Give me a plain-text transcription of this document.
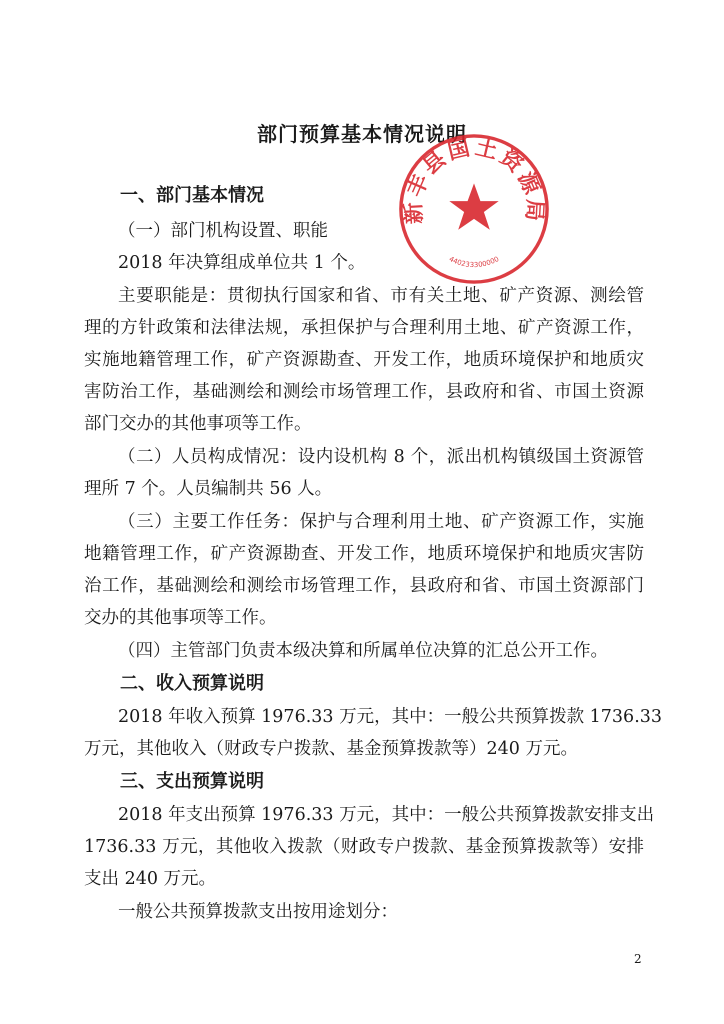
部门预算基本情况说明
新丰县国土资源局
440233300000
一、部门基本情况
（一）部门机构设置、职能
2018 年决算组成单位共 1 个。
主要职能是：贯彻执行国家和省、市有关土地、矿产资源、测绘管
理的方针政策和法律法规，承担保护与合理利用土地、矿产资源工作，
实施地籍管理工作，矿产资源勘查、开发工作，地质环境保护和地质灾
害防治工作，基础测绘和测绘市场管理工作，县政府和省、市国土资源
部门交办的其他事项等工作。
（二）人员构成情况：设内设机构 8 个，派出机构镇级国土资源管
理所 7 个。人员编制共 56 人。
（三）主要工作任务：保护与合理利用土地、矿产资源工作，实施
地籍管理工作，矿产资源勘查、开发工作，地质环境保护和地质灾害防
治工作，基础测绘和测绘市场管理工作，县政府和省、市国土资源部门
交办的其他事项等工作。
（四）主管部门负责本级决算和所属单位决算的汇总公开工作。
二、收入预算说明
2018 年收入预算 1976.33 万元，其中：一般公共预算拨款 1736.33
万元，其他收入（财政专户拨款、基金预算拨款等）240 万元。
三、支出预算说明
2018 年支出预算 1976.33 万元，其中：一般公共预算拨款安排支出
1736.33 万元，其他收入拨款（财政专户拨款、基金预算拨款等）安排
支出 240 万元。
一般公共预算拨款支出按用途划分：
2
